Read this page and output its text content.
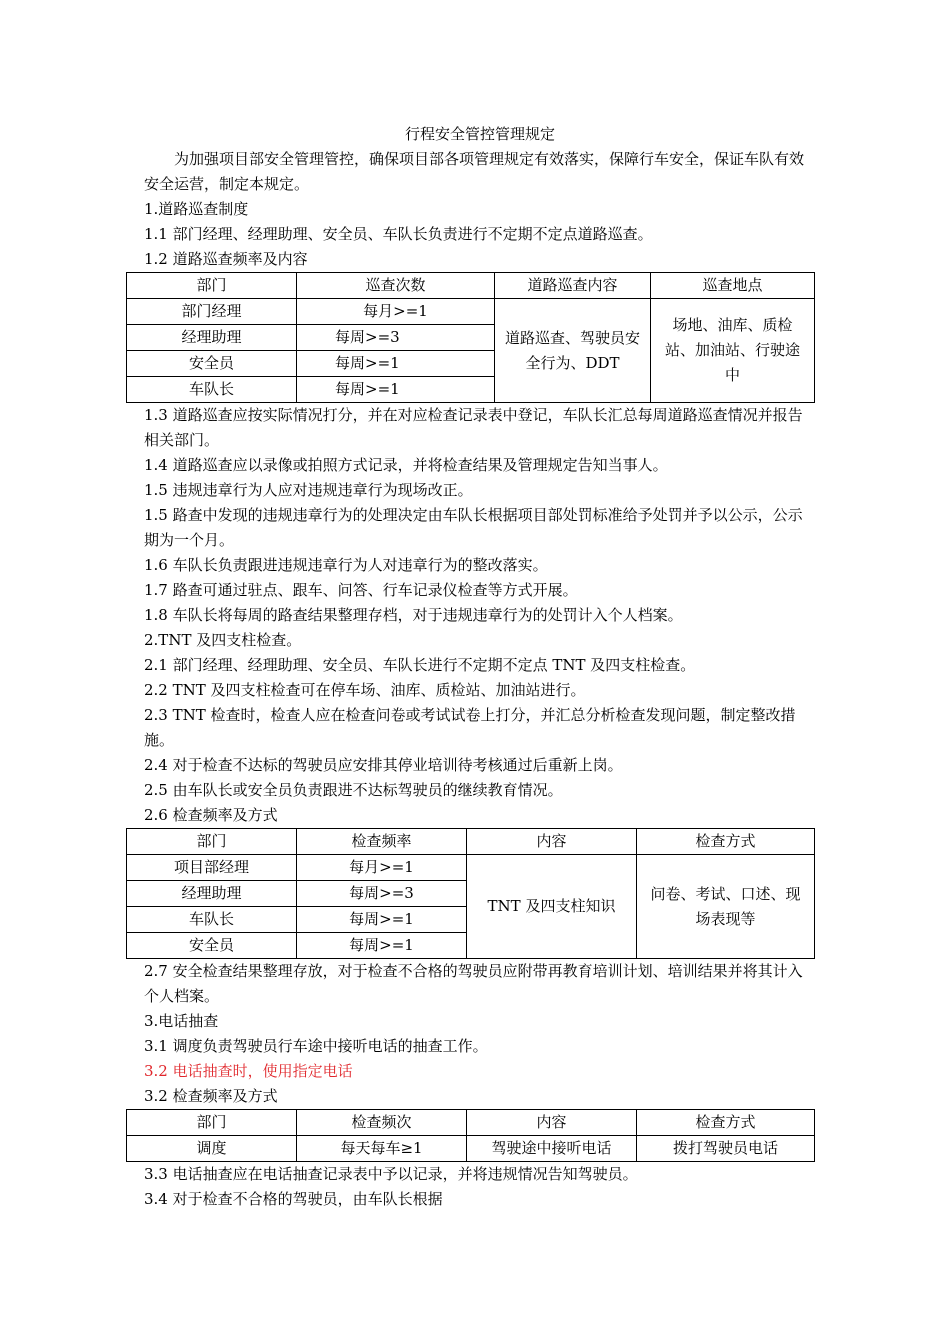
行程安全管控管理规定
为加强项目部安全管理管控，确保项目部各项管理规定有效落实，保障行车安全，保证车队有效安全运营，制定本规定。
1.道路巡查制度
1.1 部门经理、经理助理、安全员、车队长负责进行不定期不定点道路巡查。
1.2 道路巡查频率及内容
部门	巡查次数	道路巡查内容	巡查地点
部门经理	每月>=1	道路巡查、驾驶员安全行为、DDT	场地、油库、质检站、加油站、行驶途中
经理助理	每周>=3		
安全员	每周>=1		
车队长	每周>=1		
1.3 道路巡查应按实际情况打分，并在对应检查记录表中登记，车队长汇总每周道路巡查情况并报告相关部门。
1.4 道路巡查应以录像或拍照方式记录，并将检查结果及管理规定告知当事人。
1.5 违规违章行为人应对违规违章行为现场改正。
1.5 路查中发现的违规违章行为的处理决定由车队长根据项目部处罚标准给予处罚并予以公示，公示期为一个月。
1.6 车队长负责跟进违规违章行为人对违章行为的整改落实。
1.7 路查可通过驻点、跟车、问答、行车记录仪检查等方式开展。
1.8 车队长将每周的路查结果整理存档，对于违规违章行为的处罚计入个人档案。
2.TNT 及四支柱检查。
2.1 部门经理、经理助理、安全员、车队长进行不定期不定点 TNT 及四支柱检查。
2.2 TNT 及四支柱检查可在停车场、油库、质检站、加油站进行。
2.3 TNT 检查时，检查人应在检查问卷或考试试卷上打分，并汇总分析检查发现问题，制定整改措施。
2.4 对于检查不达标的驾驶员应安排其停业培训待考核通过后重新上岗。
2.5 由车队长或安全员负责跟进不达标驾驶员的继续教育情况。
2.6 检查频率及方式
部门	检查频率	内容	检查方式
项目部经理	每月>=1	TNT 及四支柱知识	问卷、考试、口述、现场表现等
经理助理	每周>=3		
车队长	每周>=1		
安全员	每周>=1		
2.7 安全检查结果整理存放，对于检查不合格的驾驶员应附带再教育培训计划、培训结果并将其计入个人档案。
3.电话抽查
3.1 调度负责驾驶员行车途中接听电话的抽查工作。
3.2 电话抽查时，使用指定电话
3.2 检查频率及方式
部门	检查频次	内容	检查方式
调度	每天每车≥1	驾驶途中接听电话	拨打驾驶员电话
3.3 电话抽查应在电话抽查记录表中予以记录，并将违规情况告知驾驶员。
3.4 对于检查不合格的驾驶员，由车队长根据
